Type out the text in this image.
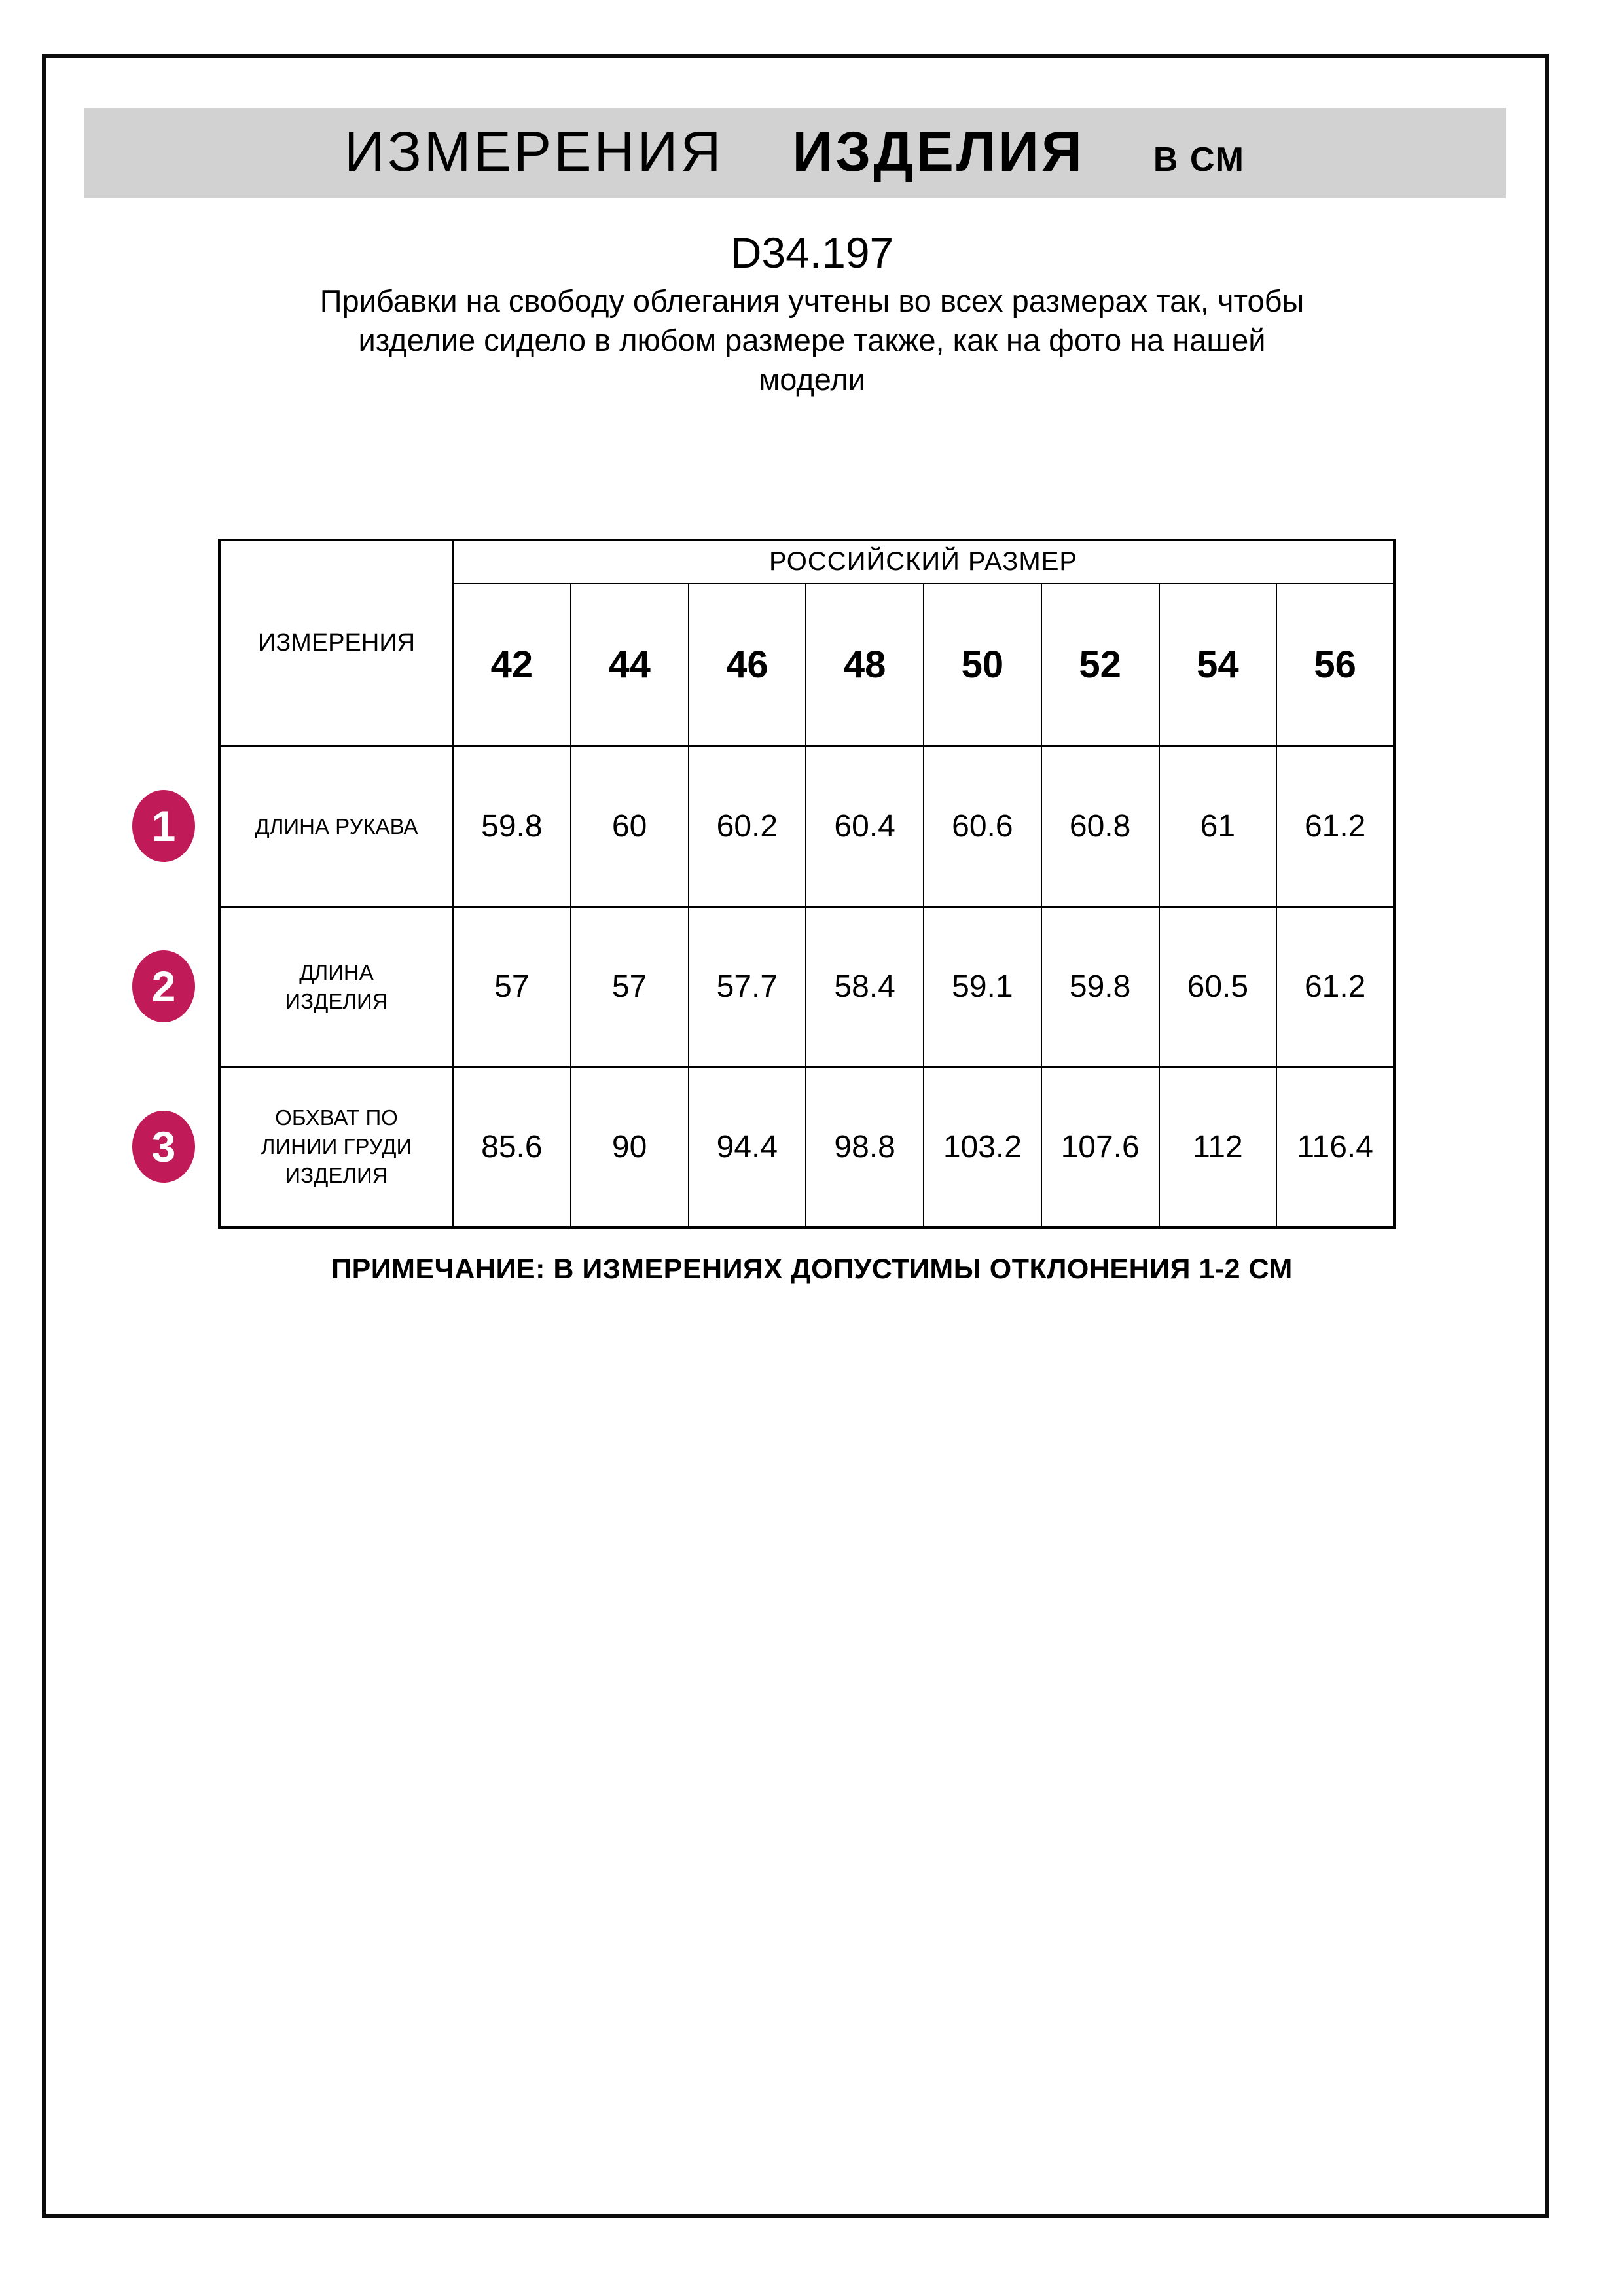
ИЗМЕРЕНИЯ ИЗДЕЛИЯ В СМ
D34.197
Прибавки на свободу облегания учтены во всех размерах так, чтобы
изделие сидело в любом размере также, как на фото на нашей
модели
ИЗМЕРЕНИЯ	РОССИЙСКИЙ РАЗМЕР							
	42	44	46	48	50	52	54	56
ДЛИНА РУКАВА	59.8	60	60.2	60.4	60.6	60.8	61	61.2
ДЛИНА
ИЗДЕЛИЯ	57	57	57.7	58.4	59.1	59.8	60.5	61.2
ОБХВАТ ПО
ЛИНИИ ГРУДИ
ИЗДЕЛИЯ	85.6	90	94.4	98.8	103.2	107.6	112	116.4
1
2
3
ПРИМЕЧАНИЕ: В ИЗМЕРЕНИЯХ ДОПУСТИМЫ ОТКЛОНЕНИЯ 1-2 СМ
